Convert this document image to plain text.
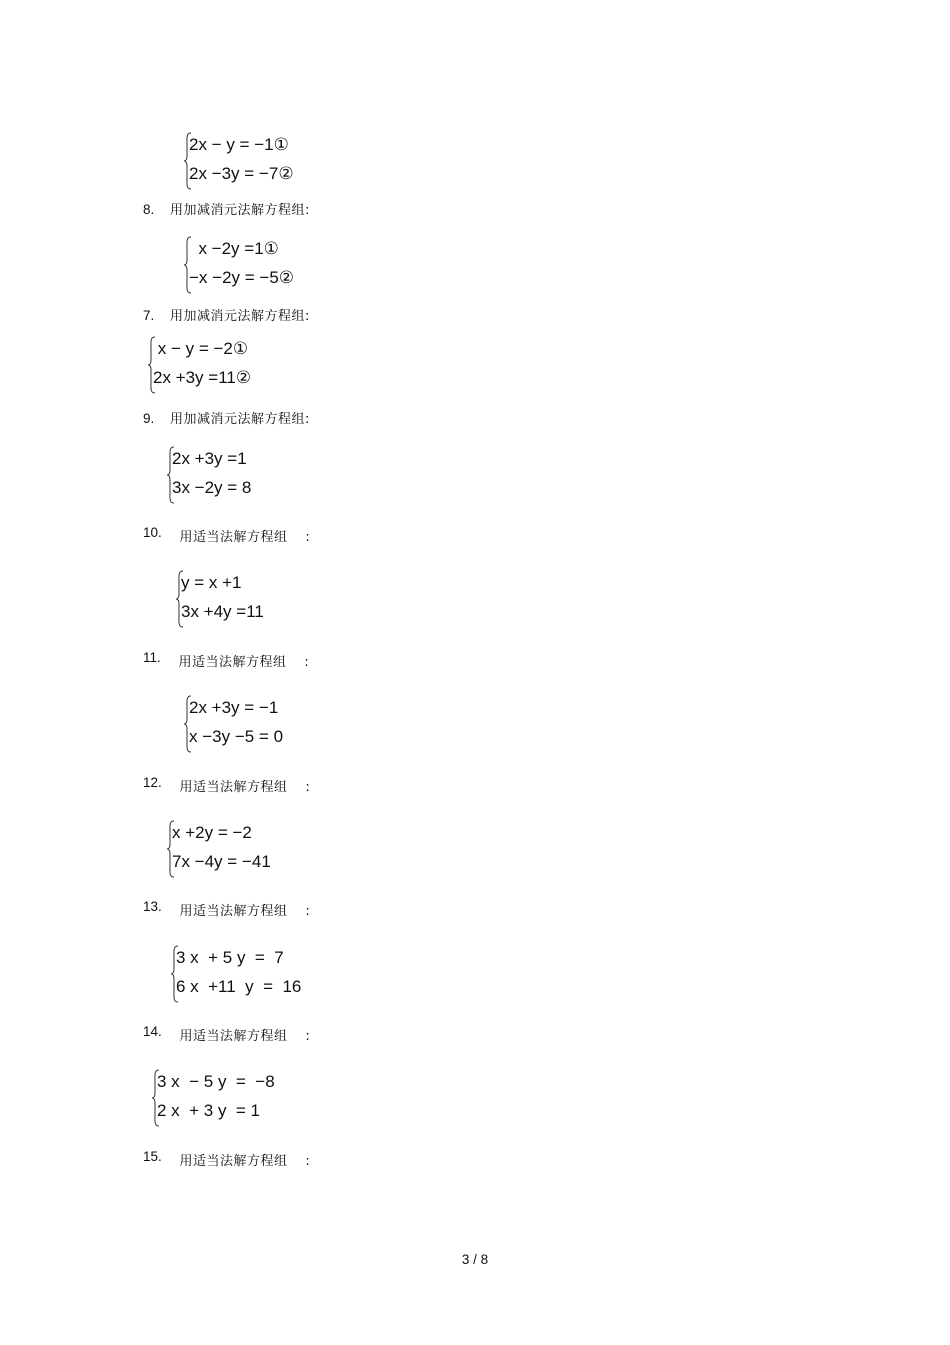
2x − y = −1①
2x −3y = −7②

8. 用加减消元法解方程组:

x −2y =1①
−x −2y = −5②

7. 用加减消元法解方程组:

x − y = −2①
2x +3y =11②

9. 用加减消元法解方程组:

2x +3y =1
3x −2y = 8

10. 用适当法解方程组 :

y = x +1
3x +4y =11

11. 用适当法解方程组 :

2x +3y = −1
x −3y −5 = 0

12. 用适当法解方程组 :

x +2y = −2
7x −4y = −41

13. 用适当法解方程组 :

3 x  + 5 y  =  7
6 x  +11  y  =  16

14. 用适当法解方程组 :

3 x  − 5 y  =  −8
2 x  + 3 y  = 1

15. 用适当法解方程组 :
3 / 8
